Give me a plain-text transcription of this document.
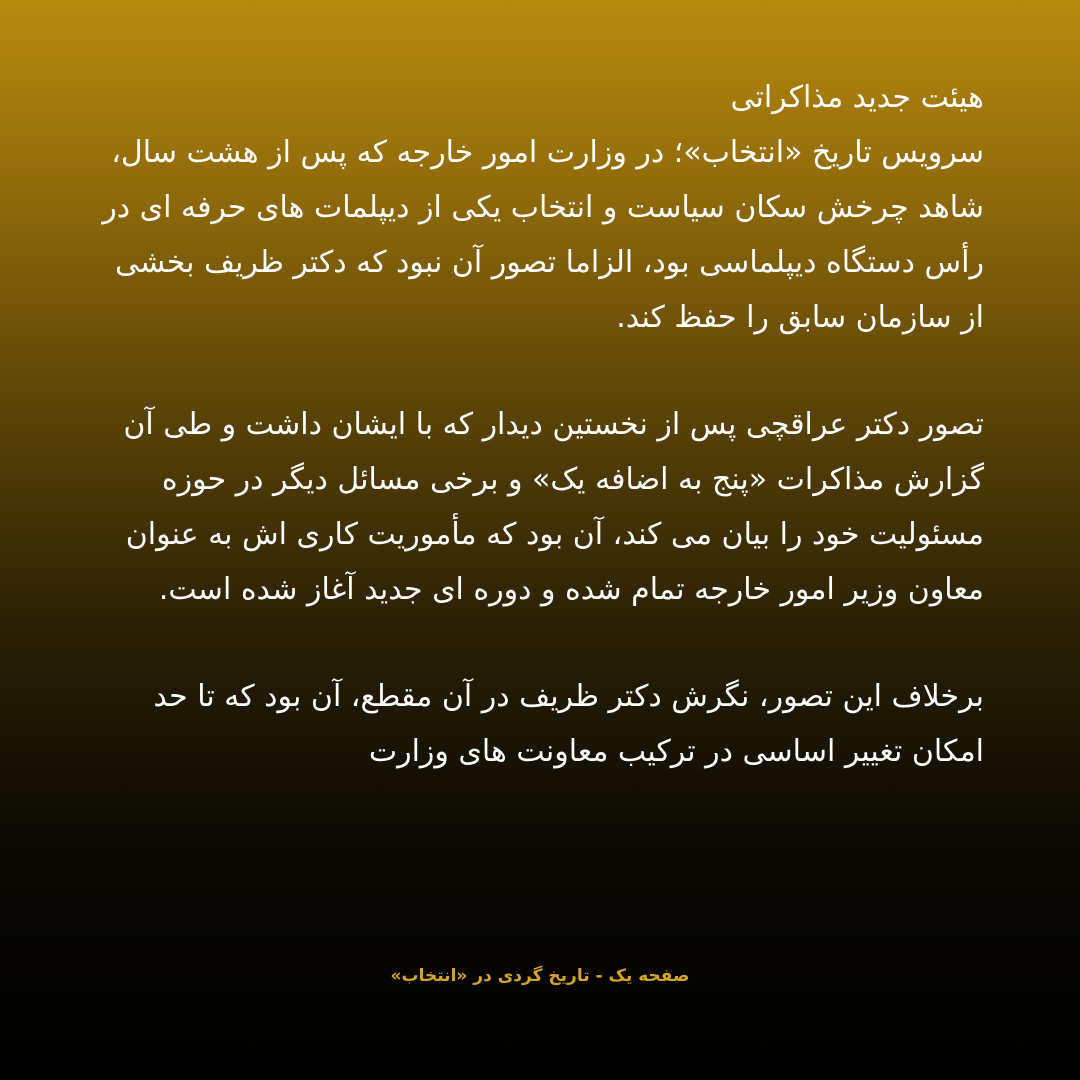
هیئت جدید مذاکراتی

سرویس تاریخ «انتخاب»؛ در وزارت امور خارجه که پس از هشت سال، شاهد چرخش سکان سیاست و انتخاب یکی از دیپلمات های حرفه ای در رأس دستگاه دیپلماسی بود، الزاما تصور آن نبود که دکتر ظریف بخشی از سازمان سابق را حفظ کند.

تصور دکتر عراقچی پس از نخستین دیدار که با ایشان داشت و طی آن گزارش مذاکرات «پنج به اضافه یک» و برخی مسائل دیگر در حوزه مسئولیت خود را بیان می کند، آن بود که مأموریت کاری اش به عنوان معاون وزیر امور خارجه تمام شده و دوره ای جدید آغاز شده است.

برخلاف این تصور، نگرش دکتر ظریف در آن مقطع، آن بود که تا حد امکان تغییر اساسی در ترکیب معاونت های وزارت

صفحه یک - تاریخ گردی در «انتخاب»
